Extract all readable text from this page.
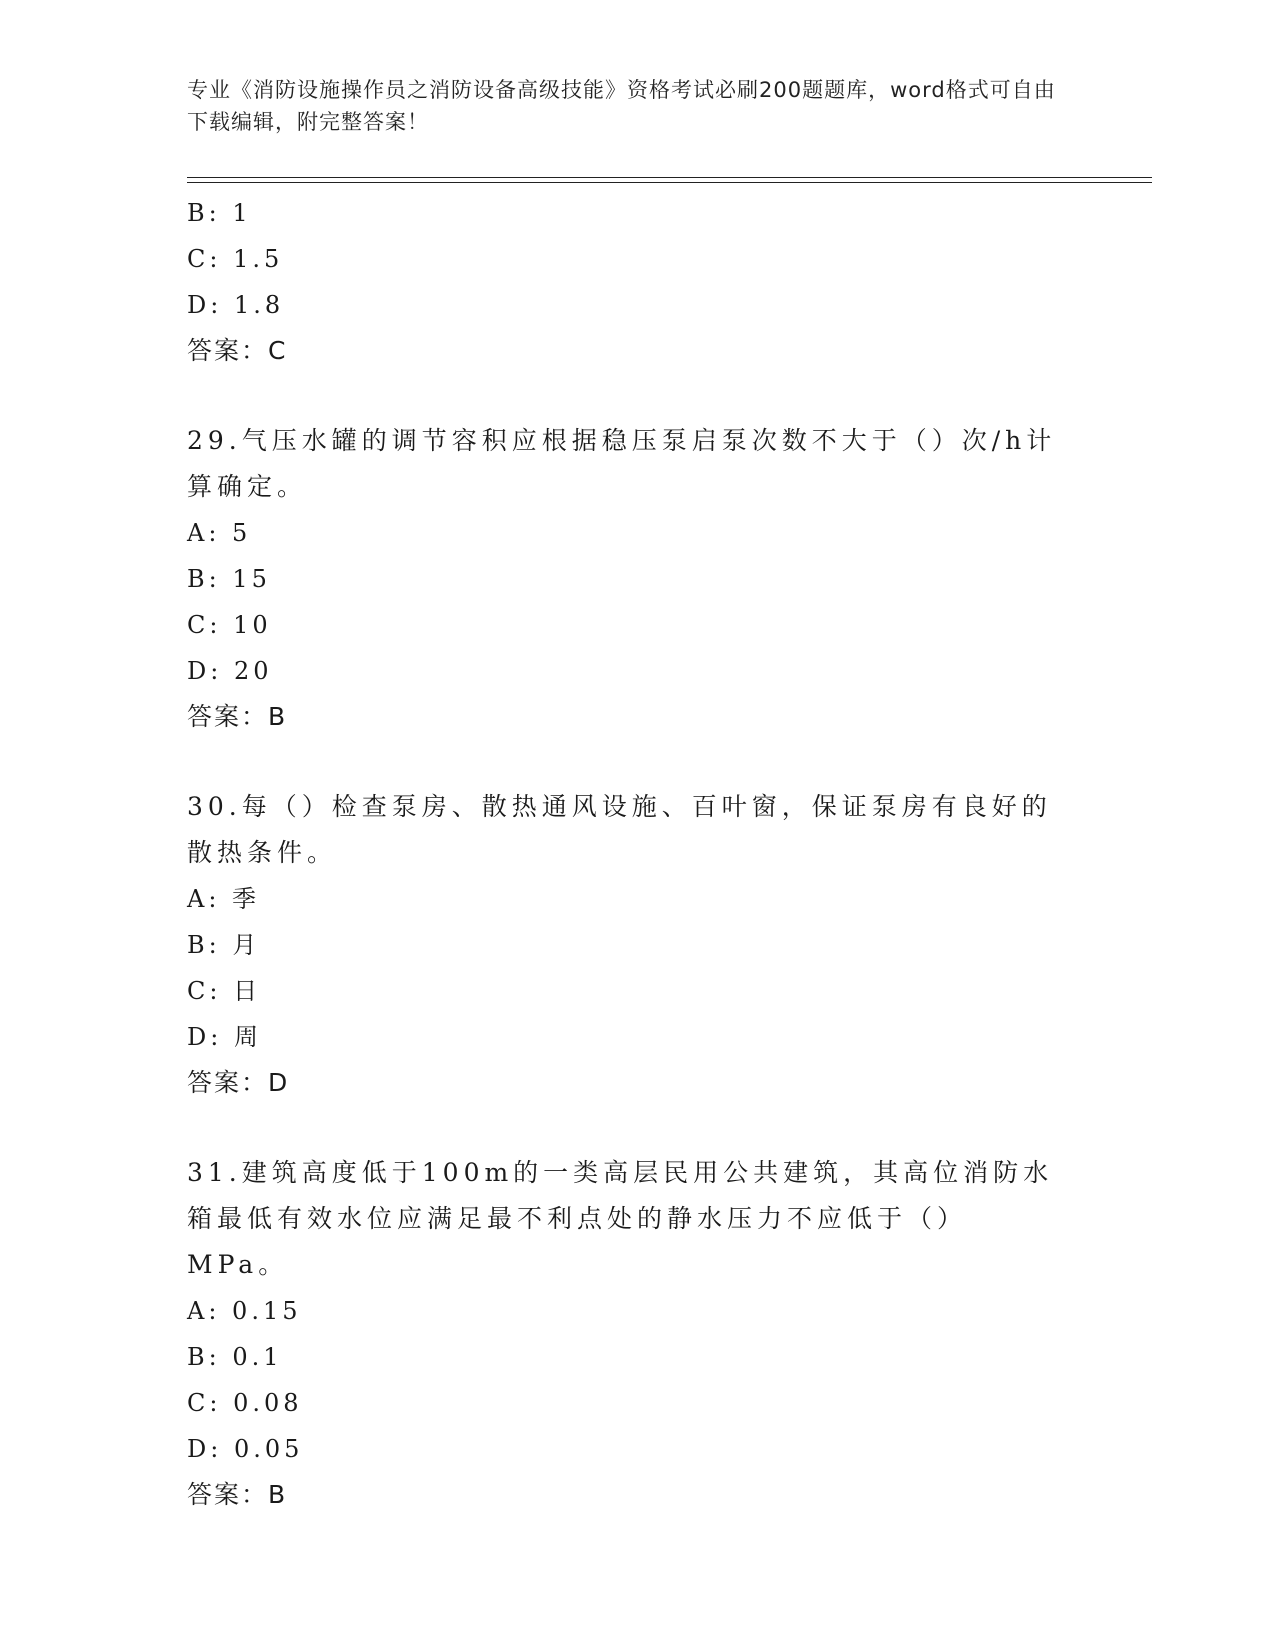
专业《消防设施操作员之消防设备高级技能》资格考试必刷200题题库，word格式可自由下载编辑，附完整答案！
B: 1
C: 1.5
D: 1.8
答案：C
29.气压水罐的调节容积应根据稳压泵启泵次数不大于（）次/h计算确定。
A: 5
B: 15
C: 10
D: 20
答案：B
30.每（）检查泵房、散热通风设施、百叶窗，保证泵房有良好的散热条件。
A: 季
B: 月
C: 日
D: 周
答案：D
31.建筑高度低于100m的一类高层民用公共建筑，其高位消防水箱最低有效水位应满足最不利点处的静水压力不应低于（）MPa。
A: 0.15
B: 0.1
C: 0.08
D: 0.05
答案：B
